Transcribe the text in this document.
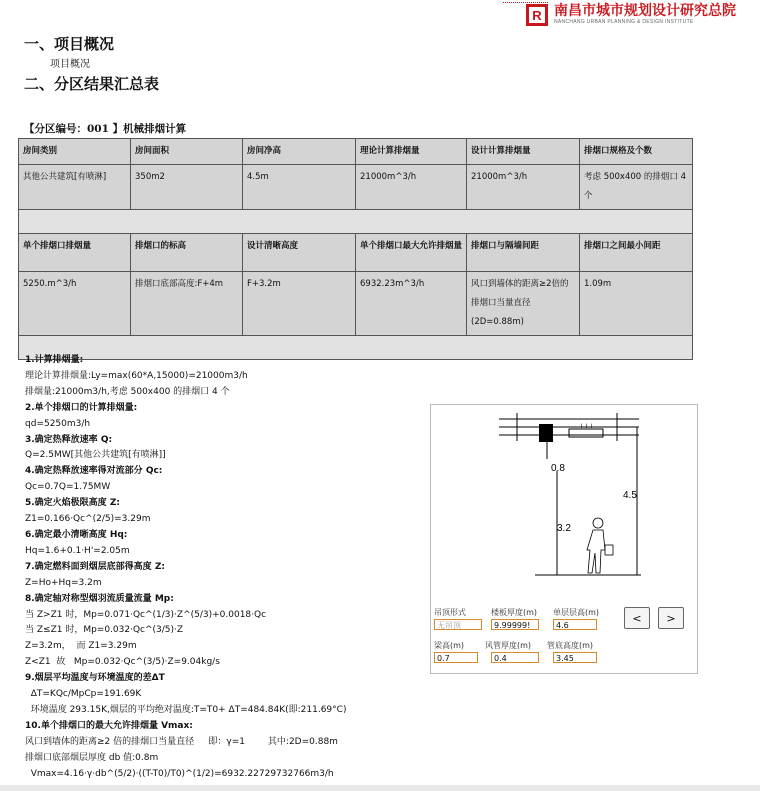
R 南昌市城市规划设计研究总院
NANCHANG URBAN PLANNING & DESIGN INSTITUTE
一、项目概况
项目概况
二、分区结果汇总表
【分区编号：001 】机械排烟计算
房间类别	房间面积	房间净高	理论计算排烟量	设计计算排烟量	排烟口规格及个数
其他公共建筑[有喷淋]	350m2	4.5m	21000m^3/h	21000m^3/h	考虑 500x400 的排烟口 4 个

单个排烟口排烟量	排烟口的标高	设计清晰高度	单个排烟口最大允许排烟量	排烟口与隔墙间距	排烟口之间最小间距
5250.m^3/h	排烟口底部高度:F+4m	F+3.2m	6932.23m^3/h	风口到墙体的距离≥2倍的排烟口当量直径(2D=0.88m)	1.09m

1.计算排烟量:
理论计算排烟量:Ly=max(60*A,15000)=21000m3/h
排烟量:21000m3/h,考虑 500x400 的排烟口 4 个
2.单个排烟口的计算排烟量:
qd=5250m3/h
3.确定热释放速率 Q:
Q=2.5MW[其他公共建筑[有喷淋]]
4.确定热释放速率得对流部分 Qc:
Qc=0.7Q=1.75MW
5.确定火焰极限高度 Z:
Z1=0.166·Qc^(2/5)=3.29m
6.确定最小清晰高度 Hq:
Hq=1.6+0.1·H'=2.05m
7.确定燃料面到烟层底部得高度 Z:
Z=Ho+Hq=3.2m
8.确定轴对称型烟羽流质量流量 Mp:
当 Z>Z1 时，Mp=0.071·Qc^(1/3)·Z^(5/3)+0.0018·Qc
当 Z≤Z1 时，Mp=0.032·Qc^(3/5)·Z
Z=3.2m，  而 Z1=3.29m
Z<Z1  故   Mp=0.032·Qc^(3/5)·Z=9.04kg/s
9.烟层平均温度与环境温度的差ΔT
ΔT=KQc/MpCp=191.69K
环境温度 293.15K,烟层的平均绝对温度:T=T0+ ΔT=484.84K(即:211.69°C)
10.单个排烟口的最大允许排烟量 Vmax:
风口到墙体的距离≥2 倍的排烟口当量直径     即：γ=1        其中:2D=0.88m
排烟口底部烟层厚度 db 值:0.8m
Vmax=4.16·γ·db^(5/2)·((T-T0)/T0)^(1/2)=6932.22729732766m3/h
↓↓↓
0.8
3.2
4.5
吊顶形式	楼板厚度(m) 单层层高(m)
无吊顶	9.99999!	4.6
梁高(m)	风管厚度(m) 管底高度(m)
0.7	0.4	3.45
<	>
